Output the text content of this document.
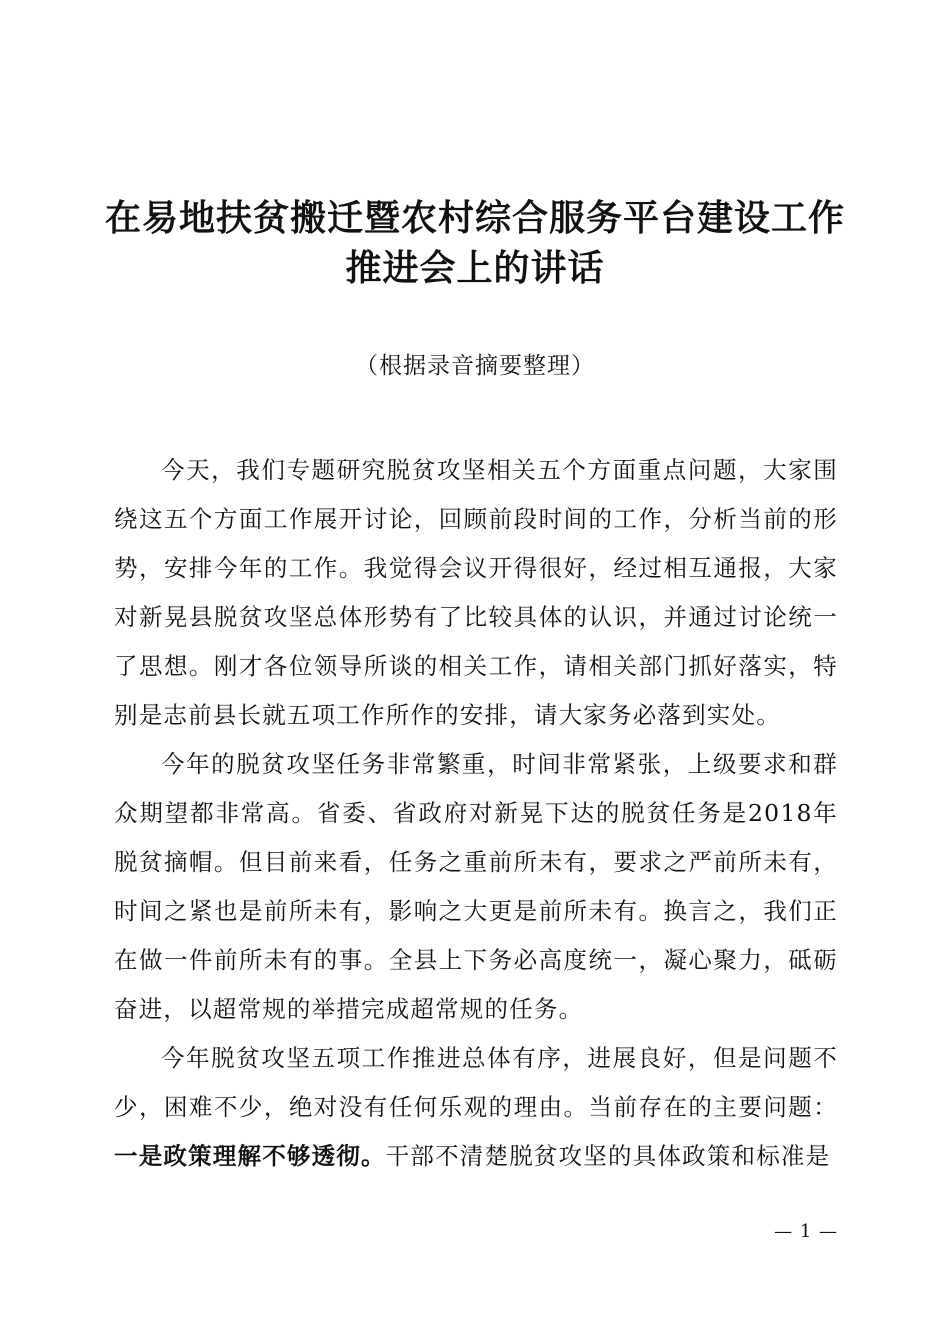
在易地扶贫搬迁暨农村综合服务平台建设工作
推进会上的讲话
（根据录音摘要整理）

今天，我们专题研究脱贫攻坚相关五个方面重点问题，大家围绕这五个方面工作展开讨论，回顾前段时间的工作，分析当前的形势，安排今年的工作。我觉得会议开得很好，经过相互通报，大家对新晃县脱贫攻坚总体形势有了比较具体的认识，并通过讨论统一了思想。刚才各位领导所谈的相关工作，请相关部门抓好落实，特别是志前县长就五项工作所作的安排，请大家务必落到实处。

今年的脱贫攻坚任务非常繁重，时间非常紧张，上级要求和群众期望都非常高。省委、省政府对新晃下达的脱贫任务是2018年脱贫摘帽。但目前来看，任务之重前所未有，要求之严前所未有，时间之紧也是前所未有，影响之大更是前所未有。换言之，我们正在做一件前所未有的事。全县上下务必高度统一，凝心聚力，砥砺奋进，以超常规的举措完成超常规的任务。

今年脱贫攻坚五项工作推进总体有序，进展良好，但是问题不少，困难不少，绝对没有任何乐观的理由。当前存在的主要问题：一是政策理解不够透彻。干部不清楚脱贫攻坚的具体政策和标准是

— 1 —
